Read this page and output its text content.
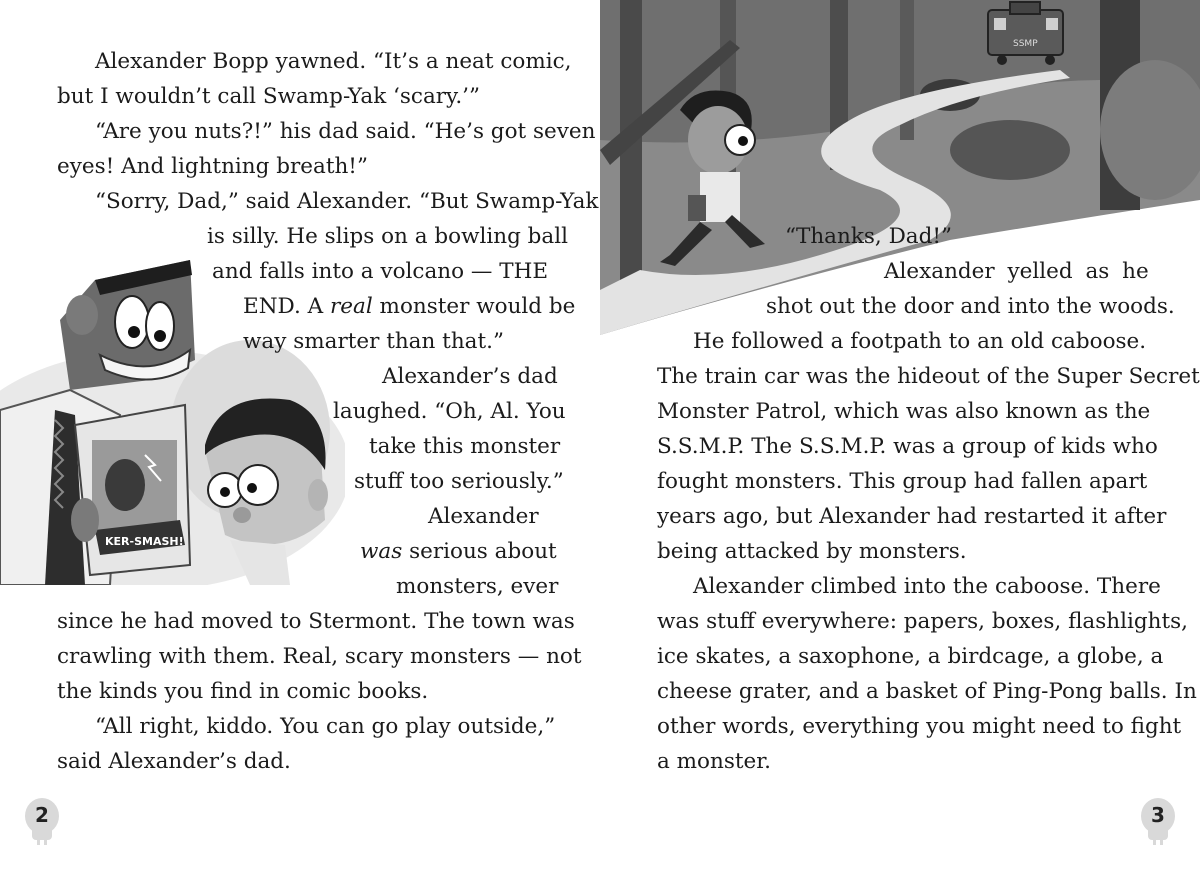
KER-SMASH!
Alexander Bopp yawned. “It’s a neat comic,
but I wouldn’t call Swamp-Yak ‘scary.’”
“Are you nuts?!” his dad said. “He’s got seven
eyes! And lightning breath!”
“Sorry, Dad,” said Alexander. “But Swamp-Yak
is silly. He slips on a bowling ball
and falls into a volcano — THE
END. A real monster would be
way smarter than that.”
Alexander’s dad
laughed. “Oh, Al. You
take this monster
stuff too seriously.”
Alexander
was serious about
monsters, ever
since he had moved to Stermont. The town was
crawling with them. Real, scary monsters — not
the kinds you find in comic books.
“All right, kiddo. You can go play outside,”
said Alexander’s dad.
2
SSMP
“Thanks, Dad!”
Alexander yelled as he
shot out the door and into the woods.
He followed a footpath to an old caboose.
The train car was the hideout of the Super Secret
Monster Patrol, which was also known as the
S.S.M.P. The S.S.M.P. was a group of kids who
fought monsters. This group had fallen apart
years ago, but Alexander had restarted it after
being attacked by monsters.
Alexander climbed into the caboose. There
was stuff everywhere: papers, boxes, flashlights,
ice skates, a saxophone, a birdcage, a globe, a
cheese grater, and a basket of Ping-Pong balls. In
other words, everything you might need to fight
a monster.
3
